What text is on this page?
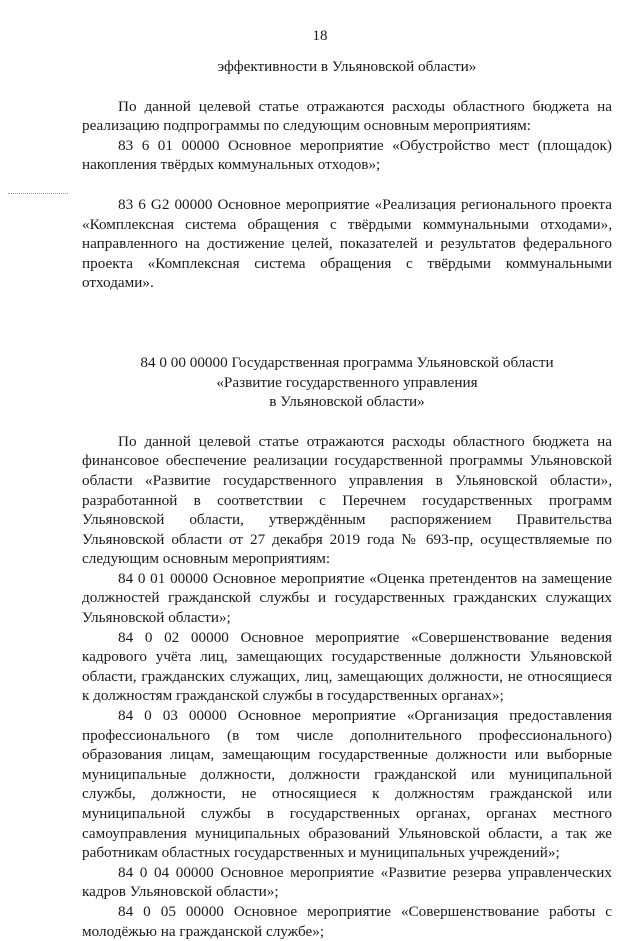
18

эффективности в Ульяновской области»

По данной целевой статье отражаются расходы областного бюджета на реализацию подпрограммы по следующим основным мероприятиям:

83 6 01 00000 Основное мероприятие «Обустройство мест (площадок) накопления твёрдых коммунальных отходов»;

83 6 G2 00000 Основное мероприятие «Реализация регионального проекта «Комплексная система обращения с твёрдыми коммунальными отходами», направленного на достижение целей, показателей и результатов федерального проекта «Комплексная система обращения с твёрдыми коммунальными отходами».

84 0 00 00000 Государственная программа Ульяновской области

«Развитие государственного управления

в Ульяновской области»

По данной целевой статье отражаются расходы областного бюджета на финансовое обеспечение реализации государственной программы Ульяновской области «Развитие государственного управления в Ульяновской области», разработанной в соответствии с Перечнем государственных программ Ульяновской области, утверждённым распоряжением Правительства Ульяновской области от 27 декабря 2019 года № 693-пр, осуществляемые по следующим основным мероприятиям:

84 0 01 00000 Основное мероприятие «Оценка претендентов на замещение должностей гражданской службы и государственных гражданских служащих Ульяновской области»;

84 0 02 00000 Основное мероприятие «Совершенствование ведения кадрового учёта лиц, замещающих государственные должности Ульяновской области, гражданских служащих, лиц, замещающих должности, не относящиеся к должностям гражданской службы в государственных органах»;

84 0 03 00000 Основное мероприятие «Организация предоставления профессионального (в том числе дополнительного профессионального) образования лицам, замещающим государственные должности или выборные муниципальные должности, должности гражданской или муниципальной службы, должности, не относящиеся к должностям гражданской или муниципальной службы в государственных органах, органах местного самоуправления муниципальных образований Ульяновской области, а так же работникам областных государственных и муниципальных учреждений»;

84 0 04 00000 Основное мероприятие «Развитие резерва управленческих кадров Ульяновской области»;

84 0 05 00000 Основное мероприятие «Совершенствование работы с молодёжью на гражданской службе»;
